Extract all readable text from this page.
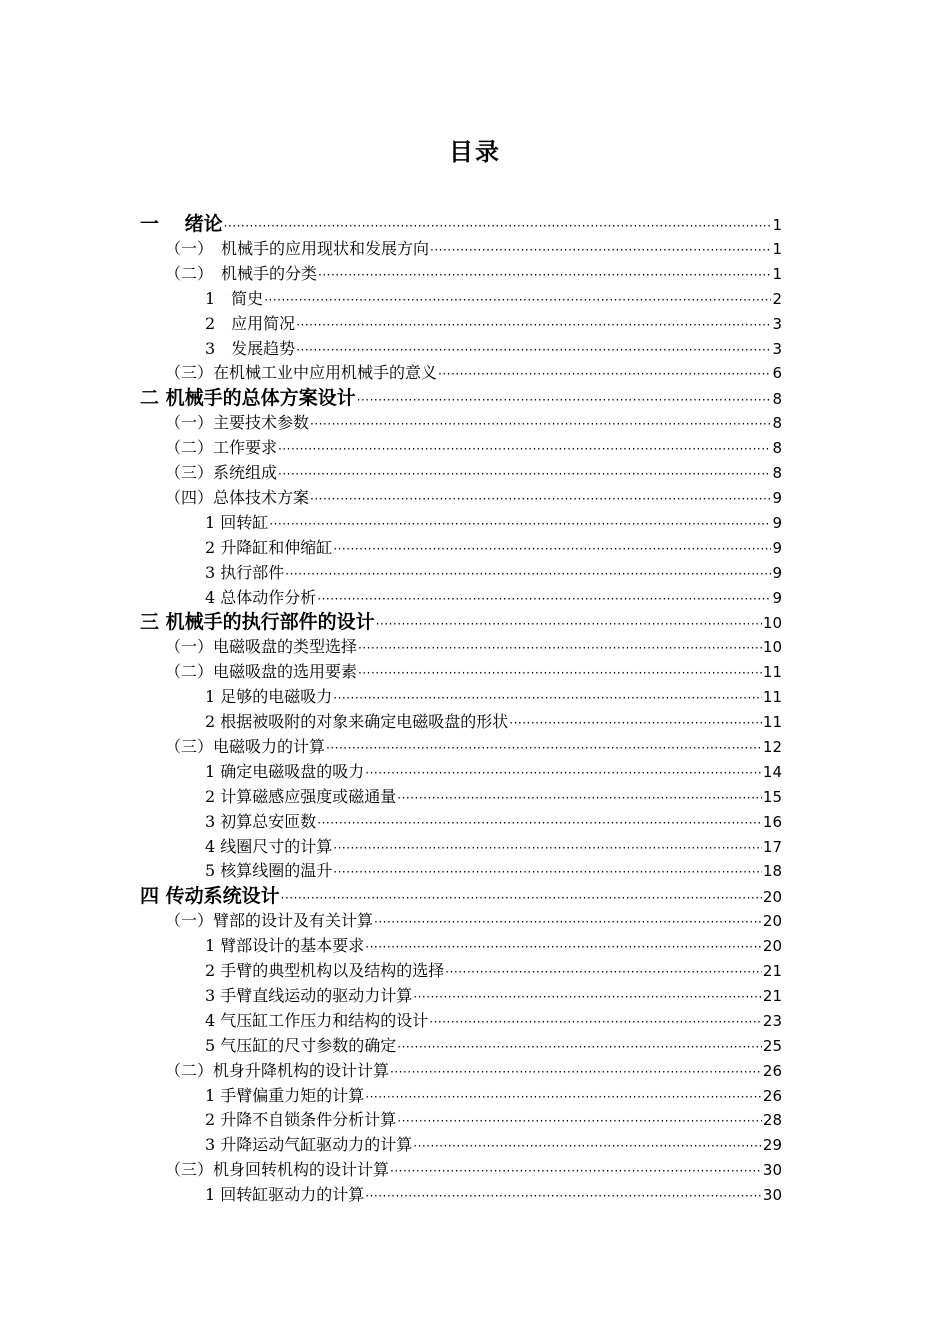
目录
一　 绪论 ·····	1
（一）　机械手的应用现状和发展方向 ·····	1
（二）　机械手的分类 ·····	1
1　简史 ·····	2
2　应用简况 ·····	3
3　发展趋势 ·····	3
（三）在机械工业中应用机械手的意义 ·····	6
二 机械手的总体方案设计 ·····	8
（一）主要技术参数 ·····	8
（二）工作要求 ·····	8
（三）系统组成 ·····	8
（四）总体技术方案 ·····	9
1 回转缸 ·····	9
2 升降缸和伸缩缸 ·····	9
3 执行部件 ·····	9
4 总体动作分析 ·····	9
三 机械手的执行部件的设计 ·····	10
（一）电磁吸盘的类型选择 ·····	10
（二）电磁吸盘的选用要素 ·····	11
1 足够的电磁吸力 ·····	11
2 根据被吸附的对象来确定电磁吸盘的形状 ·····	11
（三）电磁吸力的计算 ·····	12
1 确定电磁吸盘的吸力 ·····	14
2 计算磁感应强度或磁通量 ·····	15
3 初算总安匝数 ·····	16
4 线圈尺寸的计算 ·····	17
5 核算线圈的温升 ·····	18
四 传动系统设计 ·····	20
（一）臂部的设计及有关计算 ·····	20
1 臂部设计的基本要求 ·····	20
2 手臂的典型机构以及结构的选择 ·····	21
3 手臂直线运动的驱动力计算 ·····	21
4 气压缸工作压力和结构的设计 ·····	23
5 气压缸的尺寸参数的确定 ·····	25
（二）机身升降机构的设计计算 ·····	26
1 手臂偏重力矩的计算 ·····	26
2 升降不自锁条件分析计算 ·····	28
3 升降运动气缸驱动力的计算 ·····	29
（三）机身回转机构的设计计算 ·····	30
1 回转缸驱动力的计算 ·····	30
